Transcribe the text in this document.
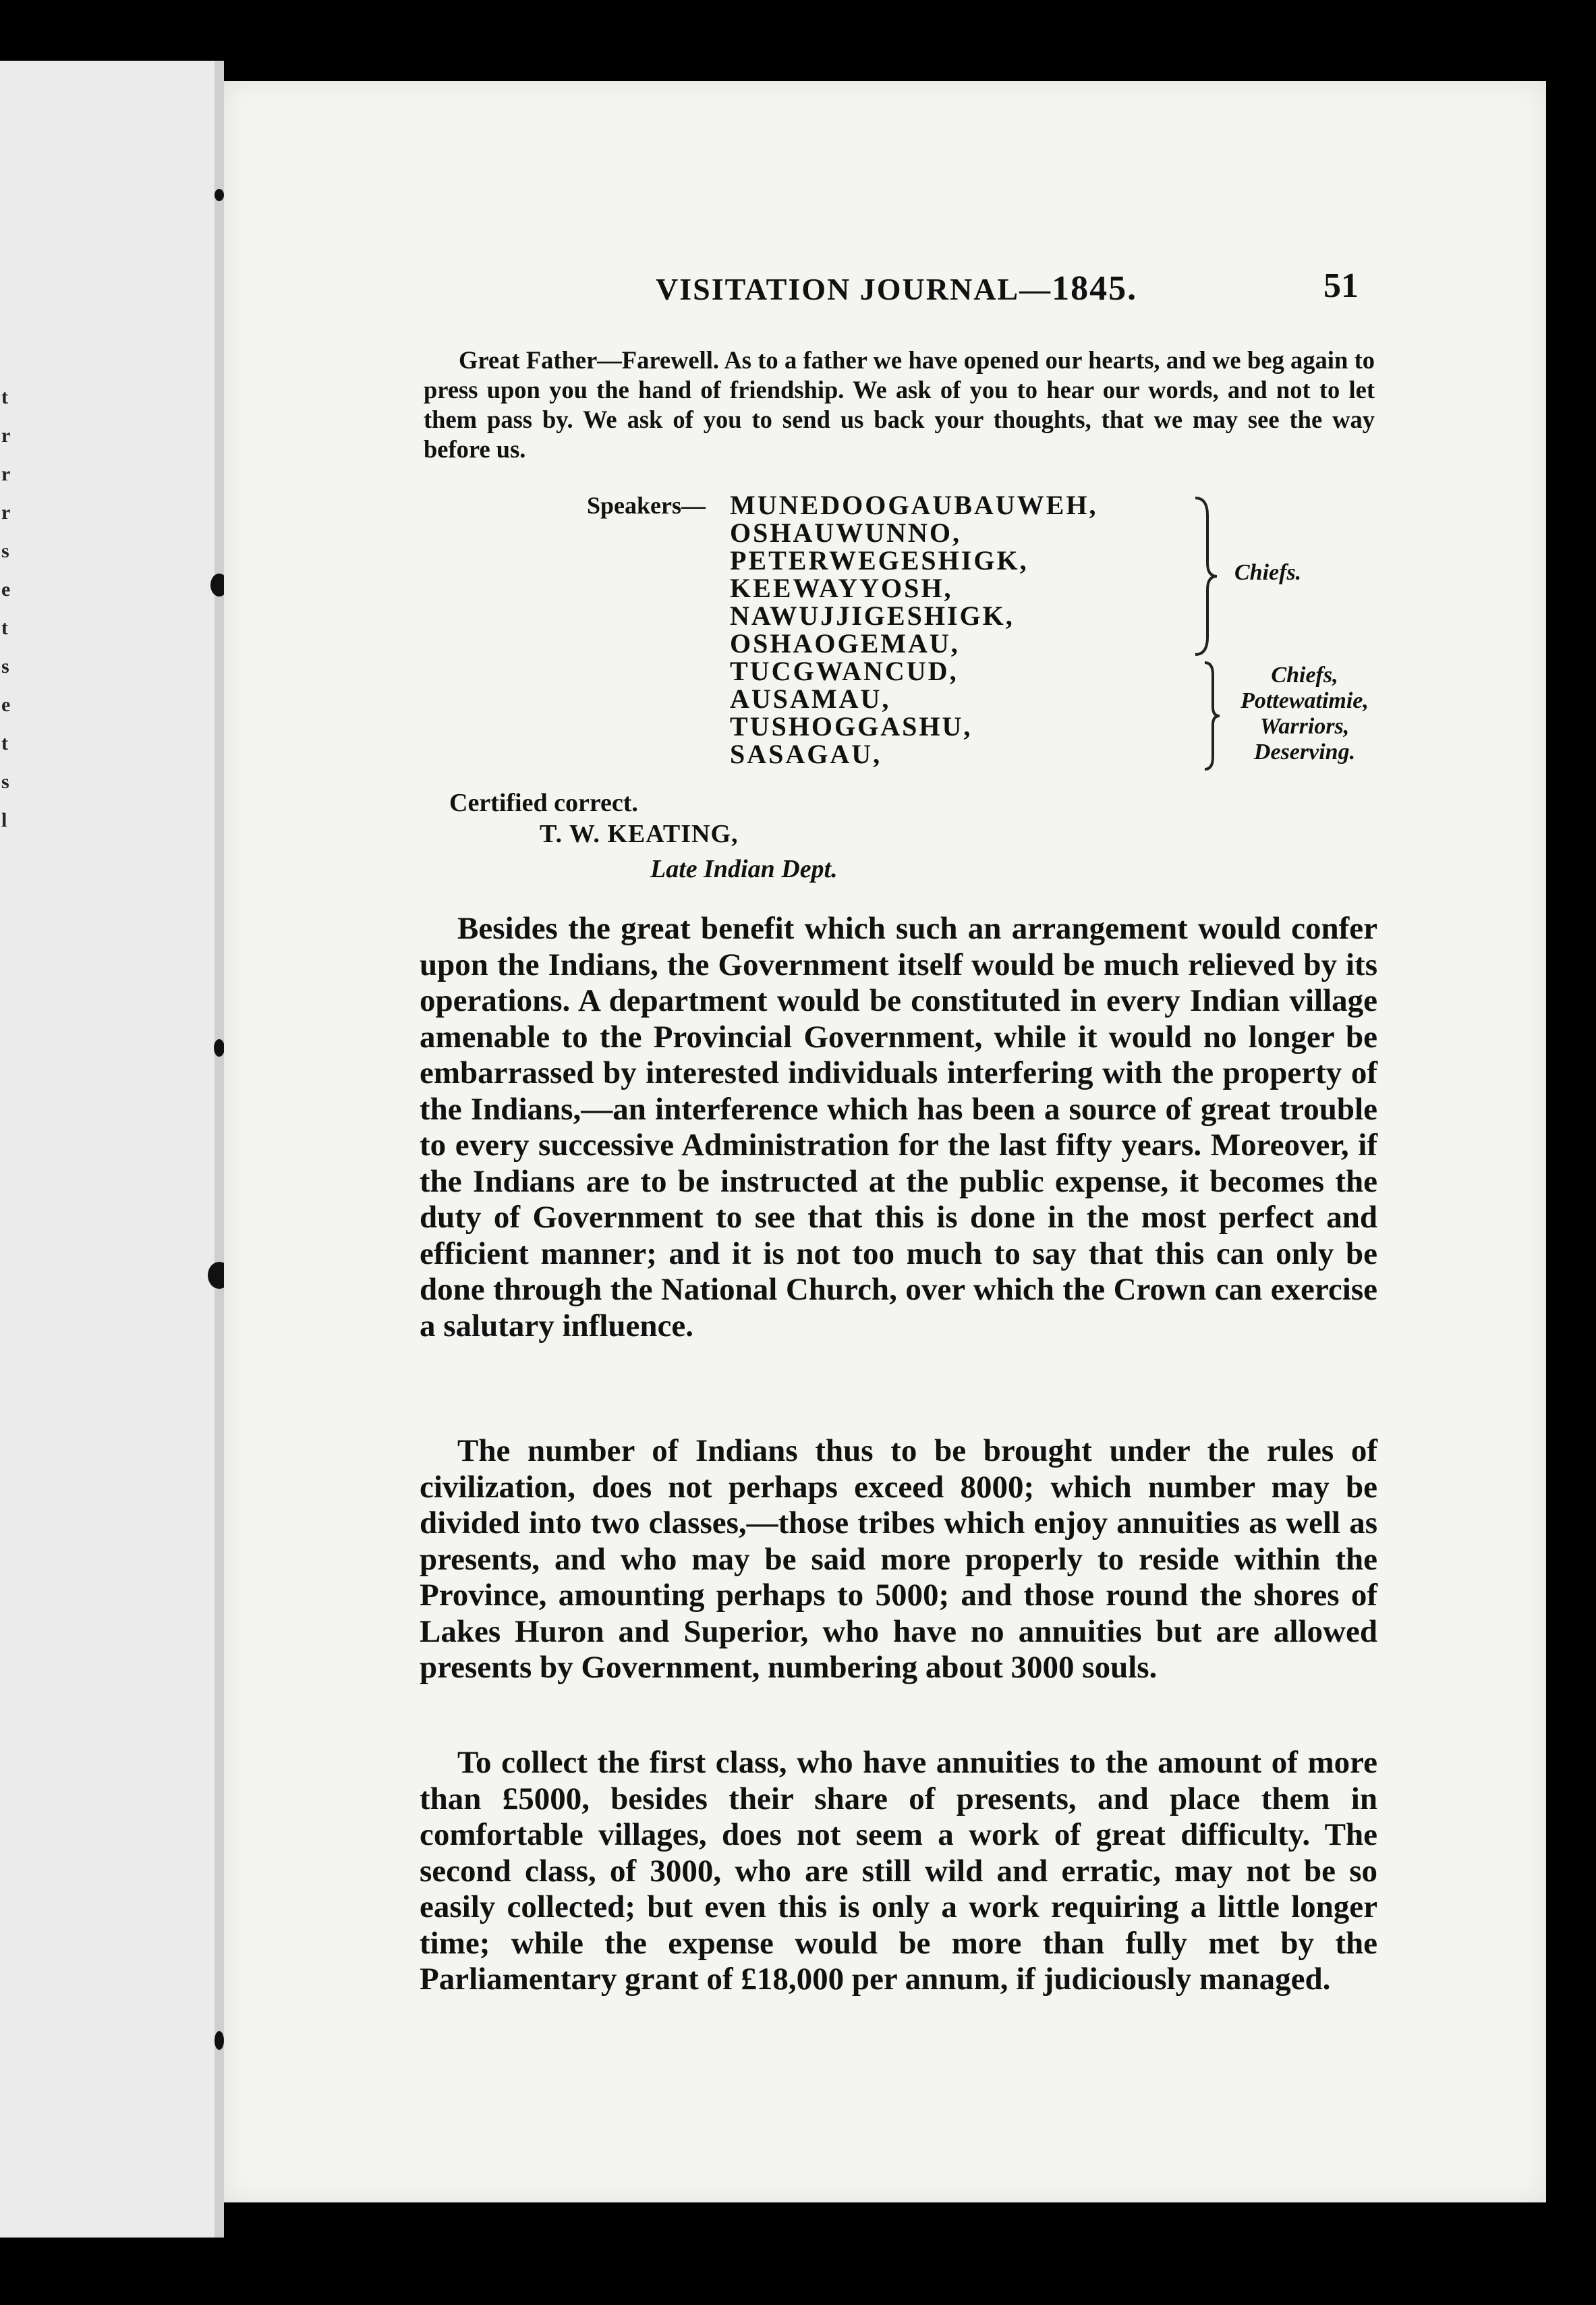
t
r
r
r
s
e
t
s
e
t
s
l
VISITATION JOURNAL—1845.	51

Great Father—Farewell. As to a father we have opened our hearts, and we beg again to press upon you the hand of friendship. We ask of you to hear our words, and not to let them pass by. We ask of you to send us back your thoughts, that we may see the way before us.

Speakers— MUNEDOOGAUBAUWEH,
OSHAUWUNNO,
PETERWEGESHIGK,
KEEWAYYOSH,
NAWUJJIGESHIGK,
OSHAOGEMAU,
TUCGWANCUD,
AUSAMAU,
TUSHOGGASHU,
SASAGAU,
Chiefs.
Chiefs,
Pottewatimie,
Warriors,
Deserving.
Certified correct.
T. W. KEATING,
Late Indian Dept.

Besides the great benefit which such an arrangement would confer upon the Indians, the Government itself would be much relieved by its operations. A department would be constituted in every Indian village amenable to the Provincial Government, while it would no longer be embarrassed by interested individuals interfering with the property of the Indians,—an interference which has been a source of great trouble to every successive Administration for the last fifty years. Moreover, if the Indians are to be instructed at the public expense, it becomes the duty of Government to see that this is done in the most perfect and efficient manner; and it is not too much to say that this can only be done through the National Church, over which the Crown can exercise a salutary influence.

The number of Indians thus to be brought under the rules of civilization, does not perhaps exceed 8000; which number may be divided into two classes,—those tribes which enjoy annuities as well as presents, and who may be said more properly to reside within the Province, amounting perhaps to 5000; and those round the shores of Lakes Huron and Superior, who have no annuities but are allowed presents by Government, numbering about 3000 souls.

To collect the first class, who have annuities to the amount of more than £5000, besides their share of presents, and place them in comfortable villages, does not seem a work of great difficulty. The second class, of 3000, who are still wild and erratic, may not be so easily collected; but even this is only a work requiring a little longer time; while the expense would be more than fully met by the Parliamentary grant of £18,000 per annum, if judiciously managed.
